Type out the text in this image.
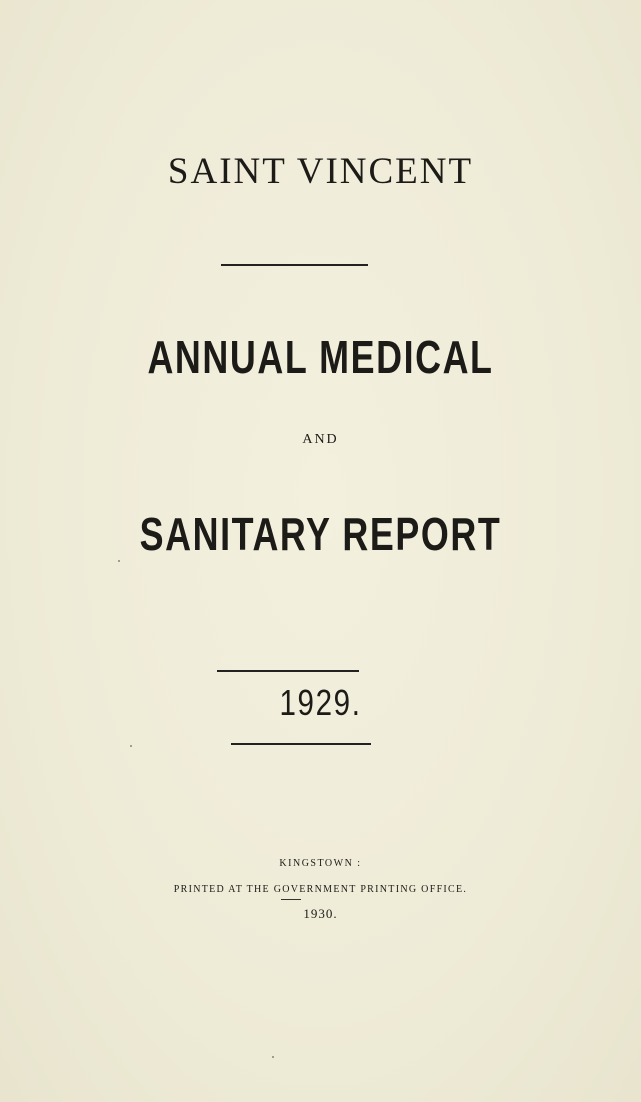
SAINT VINCENT
ANNUAL MEDICAL
AND
SANITARY REPORT
1929.
KINGSTOWN :
PRINTED AT THE GOVERNMENT PRINTING OFFICE.
1930.
